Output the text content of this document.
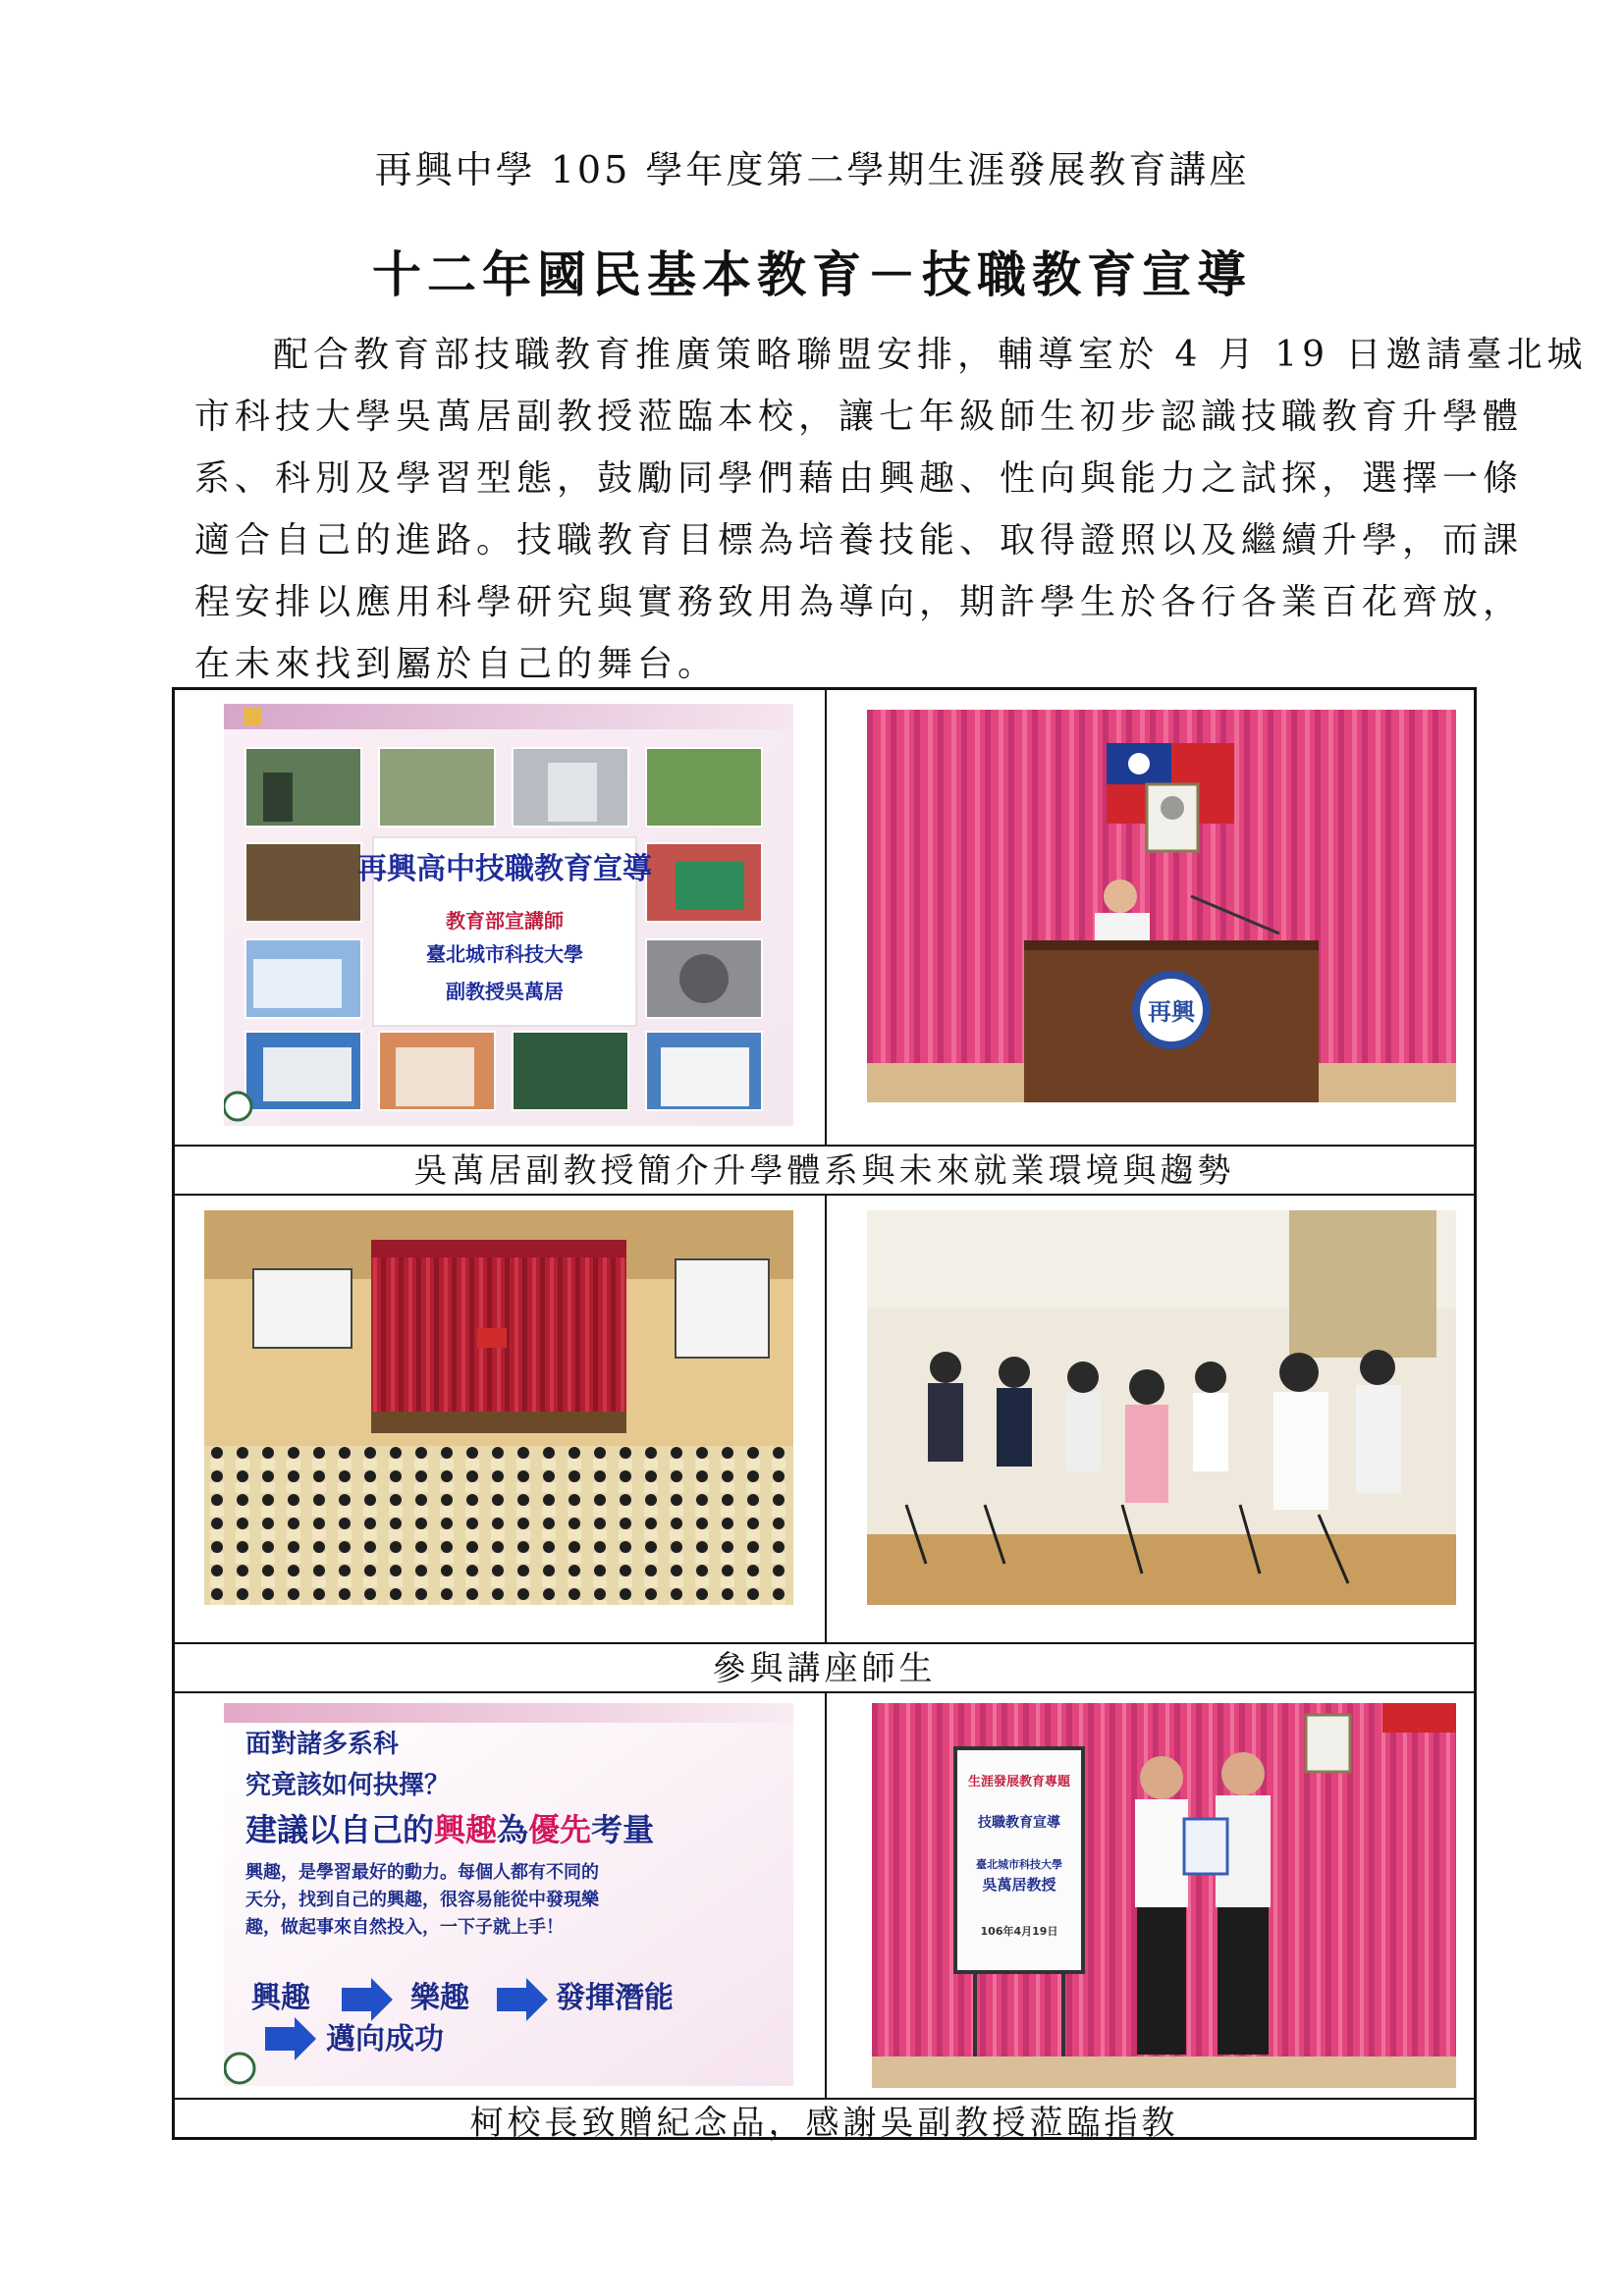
再興中學 105 學年度第二學期生涯發展教育講座
十二年國民基本教育－技職教育宣導
配合教育部技職教育推廣策略聯盟安排，輔導室於 4 月 19 日邀請臺北城
市科技大學吳萬居副教授蒞臨本校，讓七年級師生初步認識技職教育升學體
系、科別及學習型態，鼓勵同學們藉由興趣、性向與能力之試探，選擇一條
適合自己的進路。技職教育目標為培養技能、取得證照以及繼續升學，而課
程安排以應用科學研究與實務致用為導向，期許學生於各行各業百花齊放，
在未來找到屬於自己的舞台。
吳萬居副教授簡介升學體系與未來就業環境與趨勢
參與講座師生
柯校長致贈紀念品，感謝吳副教授蒞臨指教
再興高中技職教育宣導
教育部宣講師
臺北城市科技大學
副教授吳萬居
再興
面對諸多系科
究竟該如何抉擇？
建議以自己的興趣為優先考量
興趣，是學習最好的動力。每個人都有不同的
天分，找到自己的興趣，很容易能從中發現樂
趣，做起事來自然投入，一下子就上手！
興趣	樂趣	發揮潛能
邁向成功
生涯發展教育專題
技職教育宣導
臺北城市科技大學
吳萬居教授
106年4月19日
